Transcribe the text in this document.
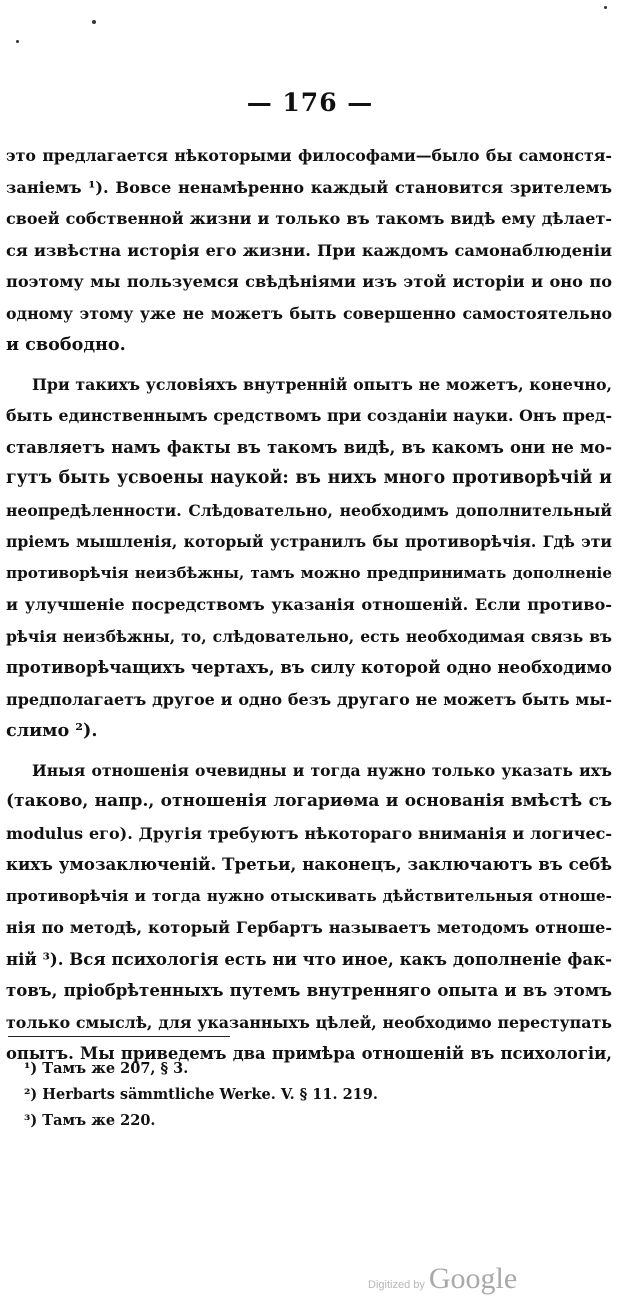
— 176 —

это предлагается нѣкоторыми философами—было бы самонстя-
заніемъ ¹). Вовсе ненамѣренно каждый становится зрителемъ
своей собственной жизни и только въ такомъ видѣ ему дѣлает-
ся извѣстна исторія его жизни. При каждомъ самонаблюденіи
поэтому мы пользуемся свѣдѣніями изъ этой исторіи и оно по
одному этому уже не можетъ быть совершенно самостоятельно
и свободно.

При такихъ условіяхъ внутренній опытъ не можетъ, конечно,
быть единственнымъ средствомъ при созданіи науки. Онъ пред-
ставляетъ намъ факты въ такомъ видѣ, въ какомъ они не мо-
гутъ быть усвоены наукой: въ нихъ много противорѣчій и
неопредѣленности. Слѣдовательно, необходимъ дополнительный
пріемъ мышленія, который устранилъ бы противорѣчія. Гдѣ эти
противорѣчія неизбѣжны, тамъ можно предпринимать дополненіе
и улучшеніе посредствомъ указанія отношеній. Если противо-
рѣчія неизбѣжны, то, слѣдовательно, есть необходимая связь въ
противорѣчащихъ чертахъ, въ силу которой одно необходимо
предполагаетъ другое и одно безъ другаго не можетъ быть мы-
слимо ²).

Иныя отношенія очевидны и тогда нужно только указать ихъ
(таково, напр., отношенія логариѳма и основанія вмѣстѣ съ
modulus его). Другія требуютъ нѣкотораго вниманія и логичес-
кихъ умозаключеній. Третьи, наконецъ, заключаютъ въ себѣ
противорѣчія и тогда нужно отыскивать дѣйствительныя отноше-
нія по методѣ, который Гербартъ называетъ методомъ отноше-
ній ³). Вся психологія есть ни что иное, какъ дополненіе фак-
товъ, пріобрѣтенныхъ путемъ внутренняго опыта и въ этомъ
только смыслѣ, для указанныхъ цѣлей, необходимо переступать
опытъ. Мы приведемъ два примѣра отношеній въ психологіи,

¹) Тамъ же 207, § 3.
²) Herbarts sämmtliche Werke. V. § 11. 219.
³) Тамъ же 220.
Digitized by Google
